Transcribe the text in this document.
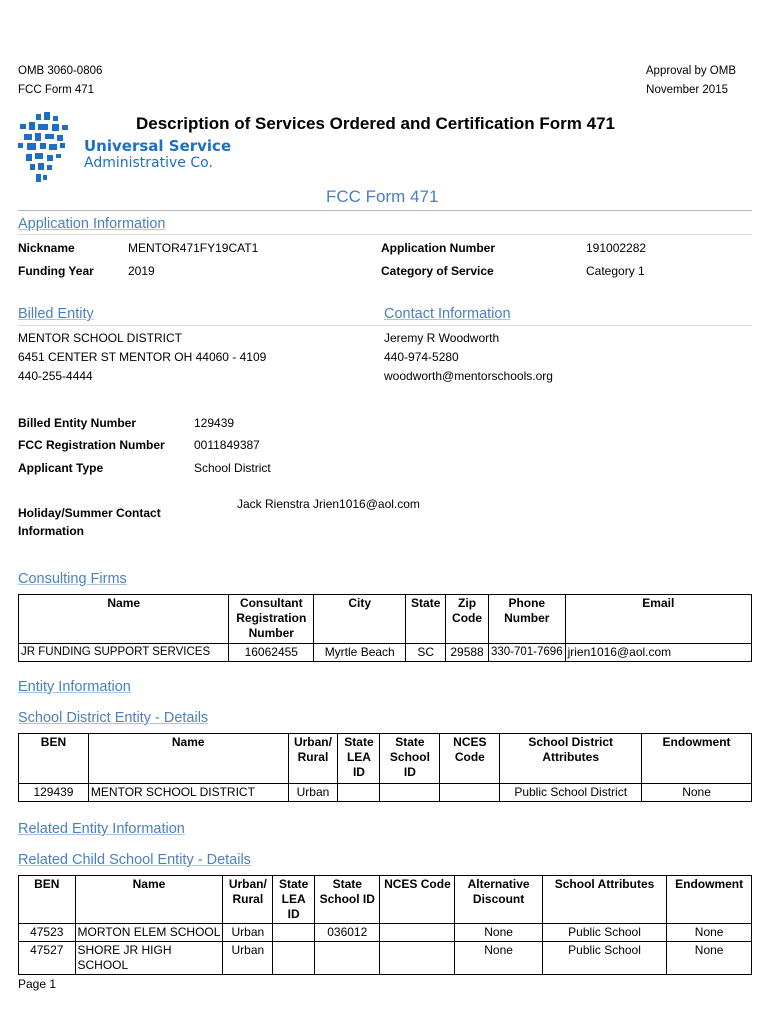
OMB 3060-0806
FCC Form 471
Approval by OMB
November 2015
Universal Service
Administrative Co.
Description of Services Ordered and Certification Form 471
FCC Form 471
Application Information
Nickname	MENTOR471FY19CAT1	Application Number	191002282
Funding Year	2019	Category of Service	Category 1
Billed Entity	Contact Information
MENTOR SCHOOL DISTRICT
6451 CENTER ST MENTOR OH 44060 - 4109
440-255-4444
Jeremy R Woodworth
440-974-5280
woodworth@mentorschools.org
Billed Entity Number	129439
FCC Registration Number 0011849387
Applicant Type	School District
Jack Rienstra Jrien1016@aol.com
Holiday/Summer Contact
Information
Consulting Firms
Name	Consultant Registration Number	City	State	Zip Code	Phone Number	Email
JR FUNDING SUPPORT SERVICES	16062455	Myrtle Beach	SC	29588	330-701-7696	jrien1016@aol.com
Entity Information
School District Entity - Details
BEN	Name	Urban/ Rural	State LEA ID	State School ID	NCES Code	School District Attributes	Endowment
129439	MENTOR SCHOOL DISTRICT	Urban				Public School District	None
Related Entity Information
Related Child School Entity - Details
BEN	Name	Urban/ Rural	State LEA ID	State School ID	NCES Code	Alternative Discount	School Attributes	Endowment
47523	MORTON ELEM SCHOOL	Urban		036012		None	Public School	None
47527	SHORE JR HIGH SCHOOL	Urban				None	Public School	None
Page 1
